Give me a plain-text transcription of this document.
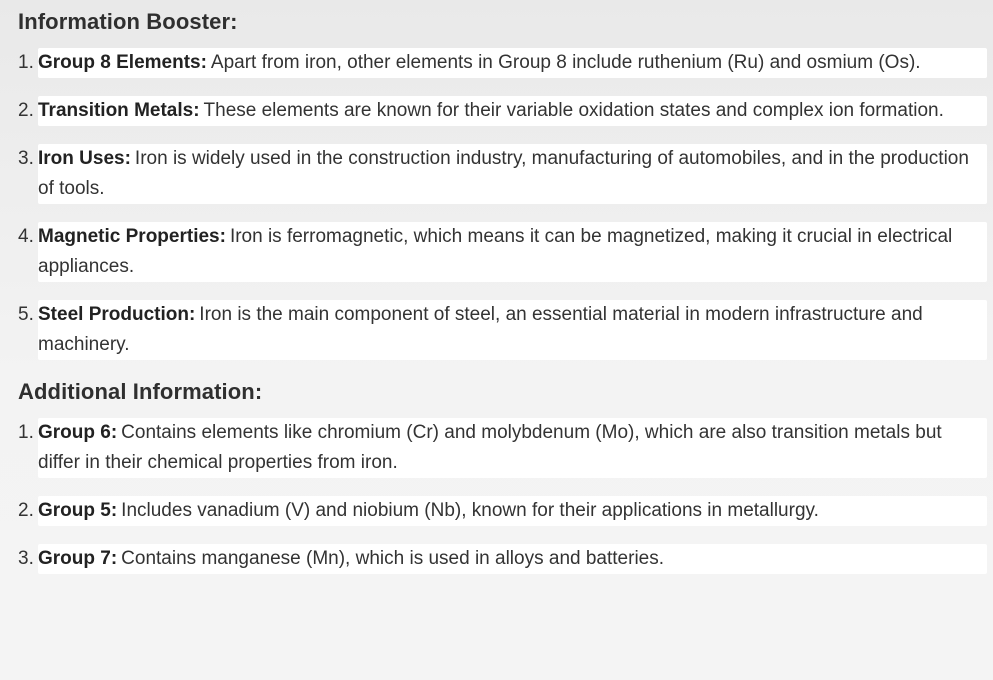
Information Booster:
1. Group 8 Elements: Apart from iron, other elements in Group 8 include ruthenium (Ru) and osmium (Os).
2. Transition Metals: These elements are known for their variable oxidation states and complex ion formation.
3. Iron Uses: Iron is widely used in the construction industry, manufacturing of automobiles, and in the production of tools.
4. Magnetic Properties: Iron is ferromagnetic, which means it can be magnetized, making it crucial in electrical appliances.
5. Steel Production: Iron is the main component of steel, an essential material in modern infrastructure and machinery.
Additional Information:
1. Group 6: Contains elements like chromium (Cr) and molybdenum (Mo), which are also transition metals but differ in their chemical properties from iron.
2. Group 5: Includes vanadium (V) and niobium (Nb), known for their applications in metallurgy.
3. Group 7: Contains manganese (Mn), which is used in alloys and batteries.
